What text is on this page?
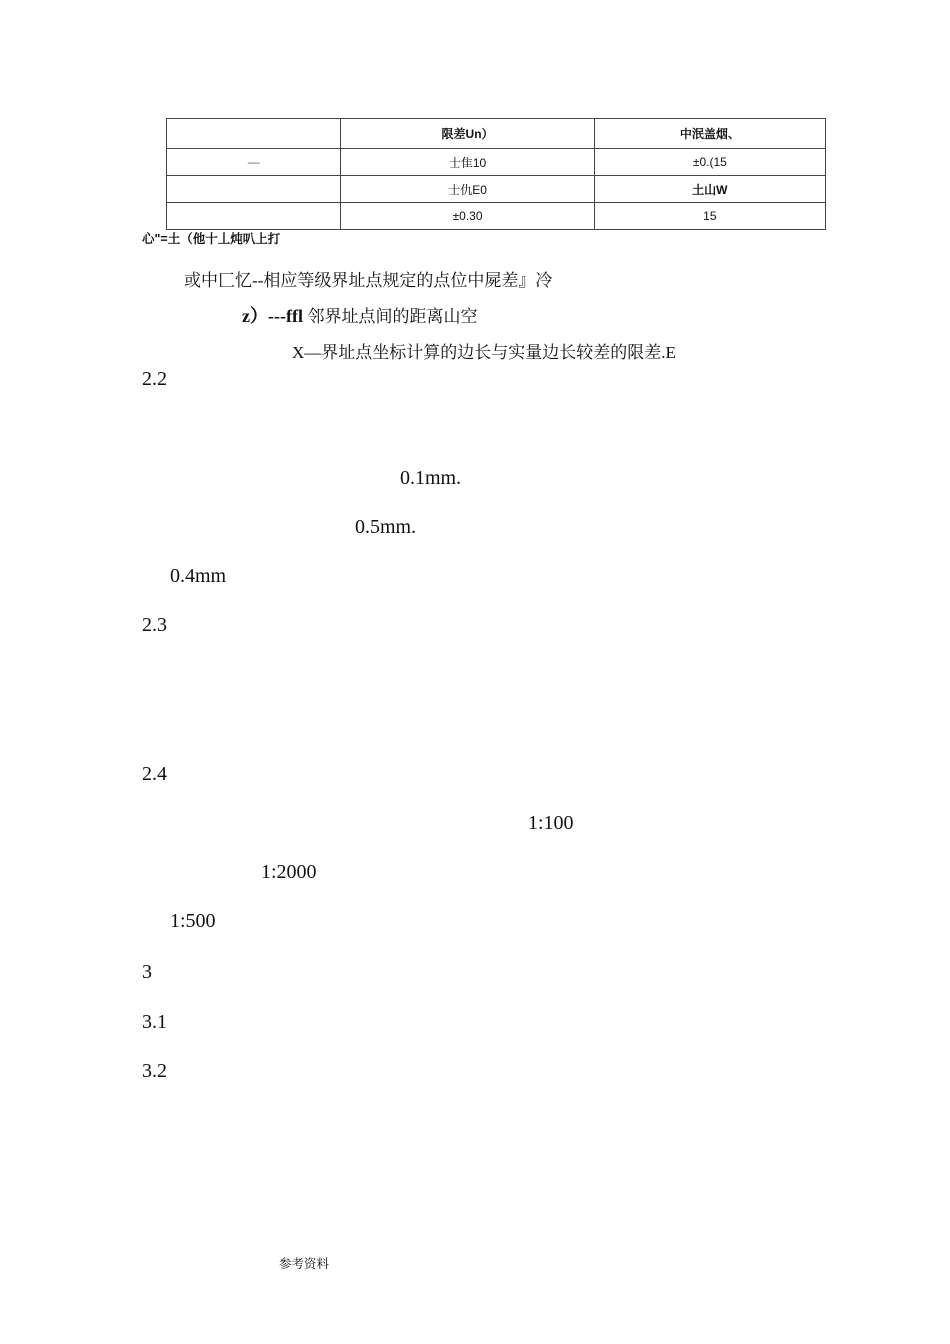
	限差Un）	中泯盖烟、
—	士隹10	±0.(15
	士仇E0	土山W
	±0.30	15
心"=土（他十丄炖叭上打
或中匚忆--相应等级界址点规定的点位中屍差』冷
z）---ffl 邻界址点间的距离山空
X—界址点坐标计算的边长与实量边长较差的限差.E
2.2
0.1mm.
0.5mm.
0.4mm
2.3
2.4
1:100
1:2000
1:500
3
3.1
3.2
参考资料
